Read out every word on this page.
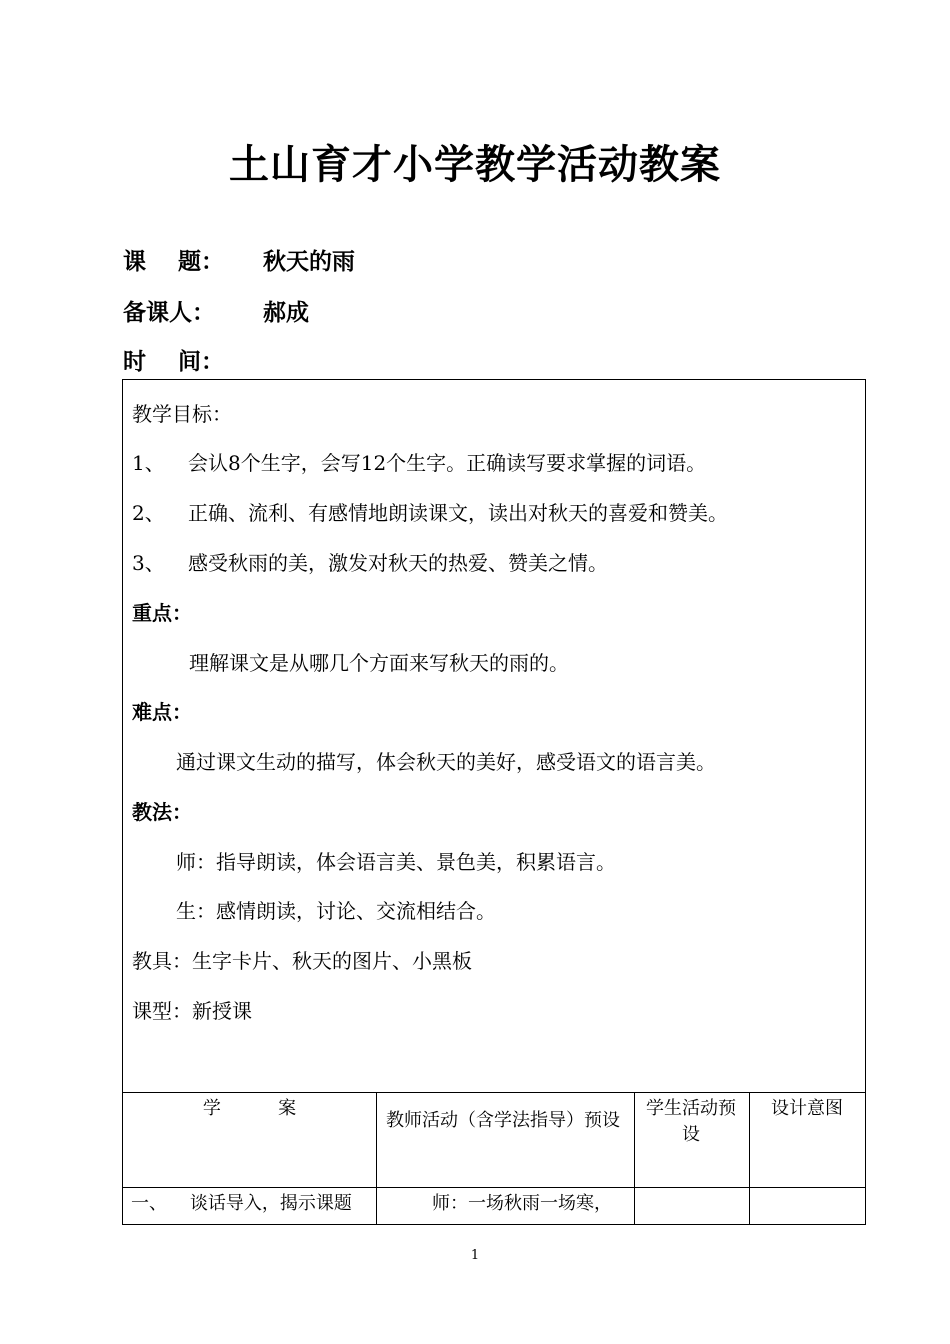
土山育才小学教学活动教案
课    题： 秋天的雨
备课人： 郝成
时    间：
教学目标：
1、 会认8个生字，会写12个生字。正确读写要求掌握的词语。
2、 正确、流利、有感情地朗读课文，读出对秋天的喜爱和赞美。
3、 感受秋雨的美，激发对秋天的热爱、赞美之情。
重点：
理解课文是从哪几个方面来写秋天的雨的。
难点：
通过课文生动的描写，体会秋天的美好，感受语文的语言美。
教法：
师：指导朗读，体会语言美、景色美，积累语言。
生：感情朗读，讨论、交流相结合。
教具：生字卡片、秋天的图片、小黑板
课型：新授课
学          案
教师活动（含学法指导）预设
学生活动预设
设计意图
一、    谈话导入，揭示课题	师：一场秋雨一场寒，
1
